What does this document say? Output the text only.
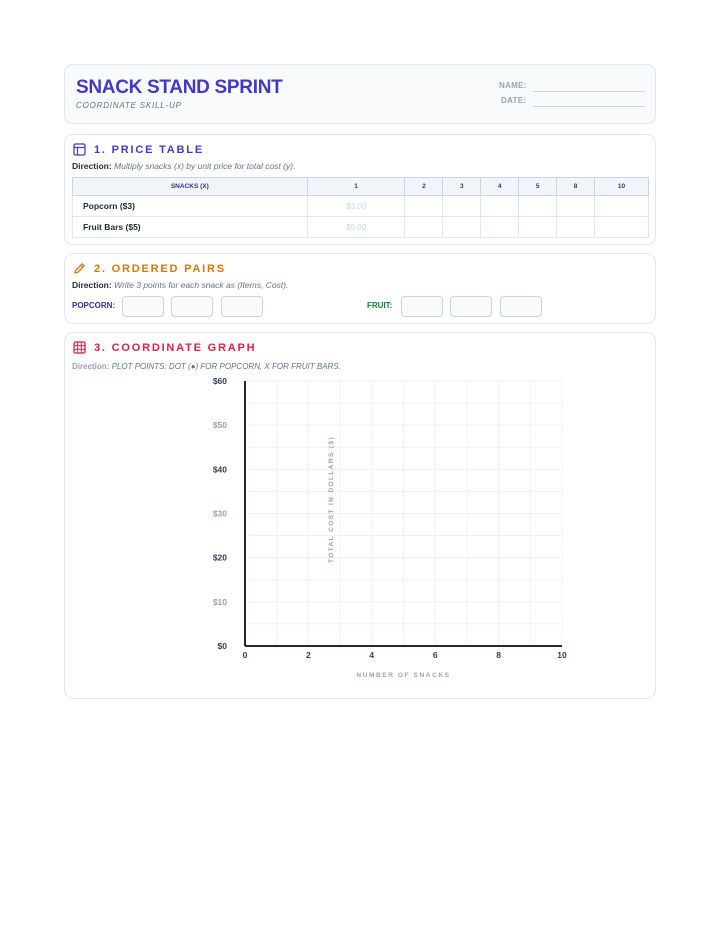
SNACK STAND SPRINT
COORDINATE SKILL-UP
NAME:
DATE:
1. PRICE TABLE
Direction: Multiply snacks (x) by unit price for total cost (y).
SNACKS (X)	1	2	3	4	5	8	10
Popcorn ($3)	$3.00						
Fruit Bars ($5)	$5.00						
2. ORDERED PAIRS
Direction: Write 3 points for each snack as (Items, Cost).
POPCORN:	FRUIT:
3. COORDINATE GRAPH
Direction: PLOT POINTS: DOT (●) FOR POPCORN, X FOR FRUIT BARS.
$0
$10
$20
$30
$40
$50
$60
0	2	4	6	8	10
NUMBER OF SNACKS
TOTAL COST IN DOLLARS ($)
